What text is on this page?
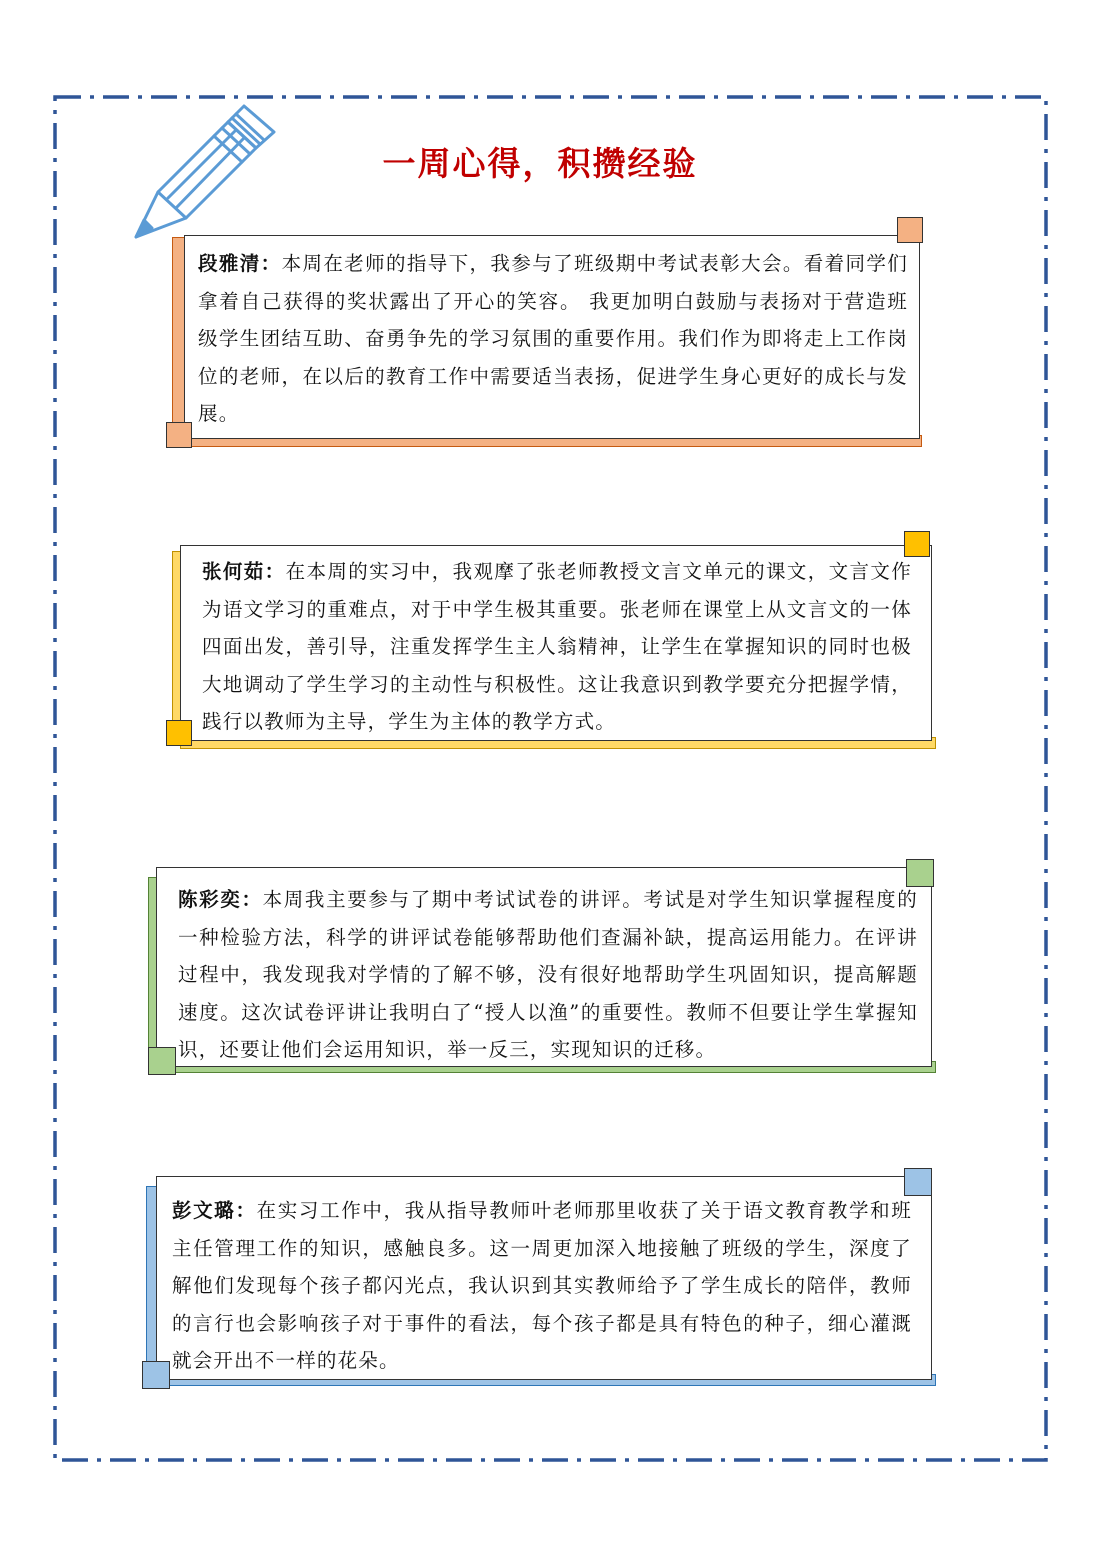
一周心得，积攒经验
段雅清：本周在老师的指导下，我参与了班级期中考试表彰大会。看着同学们拿着自己获得的奖状露出了开心的笑容。 我更加明白鼓励与表扬对于营造班级学生团结互助、奋勇争先的学习氛围的重要作用。我们作为即将走上工作岗位的老师，在以后的教育工作中需要适当表扬，促进学生身心更好的成长与发展。
张何茹：在本周的实习中，我观摩了张老师教授文言文单元的课文，文言文作为语文学习的重难点，对于中学生极其重要。张老师在课堂上从文言文的一体四面出发，善引导，注重发挥学生主人翁精神，让学生在掌握知识的同时也极大地调动了学生学习的主动性与积极性。这让我意识到教学要充分把握学情，践行以教师为主导，学生为主体的教学方式。
陈彩奕：本周我主要参与了期中考试试卷的讲评。考试是对学生知识掌握程度的一种检验方法，科学的讲评试卷能够帮助他们查漏补缺，提高运用能力。在评讲过程中，我发现我对学情的了解不够，没有很好地帮助学生巩固知识，提高解题速度。这次试卷评讲让我明白了“授人以渔”的重要性。教师不但要让学生掌握知识，还要让他们会运用知识，举一反三，实现知识的迁移。
彭文璐：在实习工作中，我从指导教师叶老师那里收获了关于语文教育教学和班主任管理工作的知识，感触良多。这一周更加深入地接触了班级的学生，深度了解他们发现每个孩子都闪光点，我认识到其实教师给予了学生成长的陪伴，教师的言行也会影响孩子对于事件的看法，每个孩子都是具有特色的种子，细心灌溉就会开出不一样的花朵。
